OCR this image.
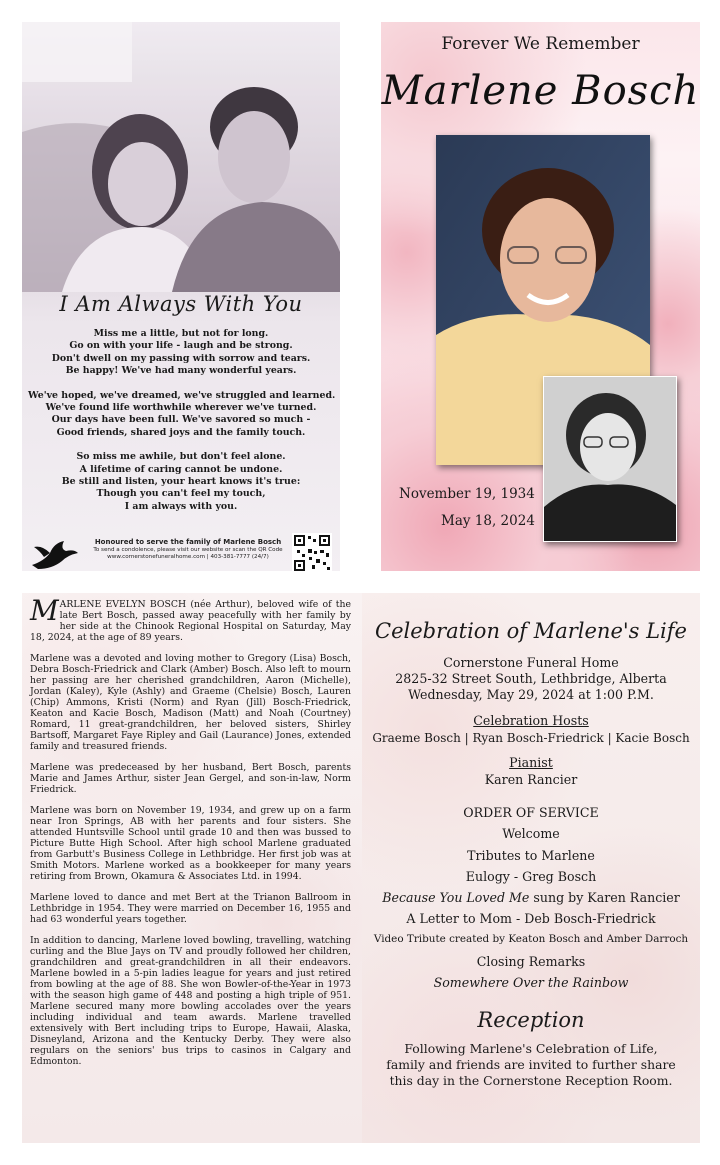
I Am Always With You
Miss me a little, but not for long.
Go on with your life - laugh and be strong.
Don't dwell on my passing with sorrow and tears.
Be happy! We've had many wonderful years.
We've hoped, we've dreamed, we've struggled and learned.
We've found life worthwhile wherever we've turned.
Our days have been full. We've savored so much -
Good friends, shared joys and the family touch.
So miss me awhile, but don't feel alone.
A lifetime of caring cannot be undone.
Be still and listen, your heart knows it's true:
Though you can't feel my touch,
I am always with you.
Honoured to serve the family of Marlene Bosch
To send a condolence, please visit our website or scan the QR Code
www.cornerstonefuneralhome.com | 403-381-7777 (24/7)
Forever We Remember
Marlene Bosch
November 19, 1934
May 18, 2024

MARLENE EVELYN BOSCH (née Arthur), beloved wife of the late Bert Bosch, passed away peacefully with her family by her side at the Chinook Regional Hospital on Saturday, May 18, 2024, at the age of 89 years.

Marlene was a devoted and loving mother to Gregory (Lisa) Bosch, Debra Bosch-Friedrick and Clark (Amber) Bosch. Also left to mourn her passing are her cherished grandchildren, Aaron (Michelle), Jordan (Kaley), Kyle (Ashly) and Graeme (Chelsie) Bosch, Lauren (Chip) Ammons, Kristi (Norm) and Ryan (Jill) Bosch-Friedrick, Keaton and Kacie Bosch, Madison (Matt) and Noah (Courtney) Romard, 11 great-grandchildren, her beloved sisters, Shirley Bartsoff, Margaret Faye Ripley and Gail (Laurance) Jones, extended family and treasured friends.

Marlene was predeceased by her husband, Bert Bosch, parents Marie and James Arthur, sister Jean Gergel, and son-in-law, Norm Friedrick.

Marlene was born on November 19, 1934, and grew up on a farm near Iron Springs, AB with her parents and four sisters. She attended Huntsville School until grade 10 and then was bussed to Picture Butte High School. After high school Marlene graduated from Garbutt's Business College in Lethbridge. Her first job was at Smith Motors. Marlene worked as a bookkeeper for many years retiring from Brown, Okamura & Associates Ltd. in 1994.

Marlene loved to dance and met Bert at the Trianon Ballroom in Lethbridge in 1954. They were married on December 16, 1955 and had 63 wonderful years together.

In addition to dancing, Marlene loved bowling, travelling, watching curling and the Blue Jays on TV and proudly followed her children, grandchildren and great-grandchildren in all their endeavors. Marlene bowled in a 5-pin ladies league for years and just retired from bowling at the age of 88. She won Bowler-of-the-Year in 1973 with the season high game of 448 and posting a high triple of 951. Marlene secured many more bowling accolades over the years including individual and team awards. Marlene travelled extensively with Bert including trips to Europe, Hawaii, Alaska, Disneyland, Arizona and the Kentucky Derby. They were also regulars on the seniors' bus trips to casinos in Calgary and Edmonton.

Celebration of Marlene's Life
Cornerstone Funeral Home
2825-32 Street South, Lethbridge, Alberta
Wednesday, May 29, 2024 at 1:00 P.M.
Celebration Hosts
Graeme Bosch | Ryan Bosch-Friedrick | Kacie Bosch
Pianist
Karen Rancier
ORDER OF SERVICE
Welcome
Tributes to Marlene
Eulogy - Greg Bosch
Because You Loved Me sung by Karen Rancier
A Letter to Mom - Deb Bosch-Friedrick
Video Tribute created by Keaton Bosch and Amber Darroch
Closing Remarks
Somewhere Over the Rainbow
Reception
Following Marlene's Celebration of Life,
family and friends are invited to further share
this day in the Cornerstone Reception Room.
